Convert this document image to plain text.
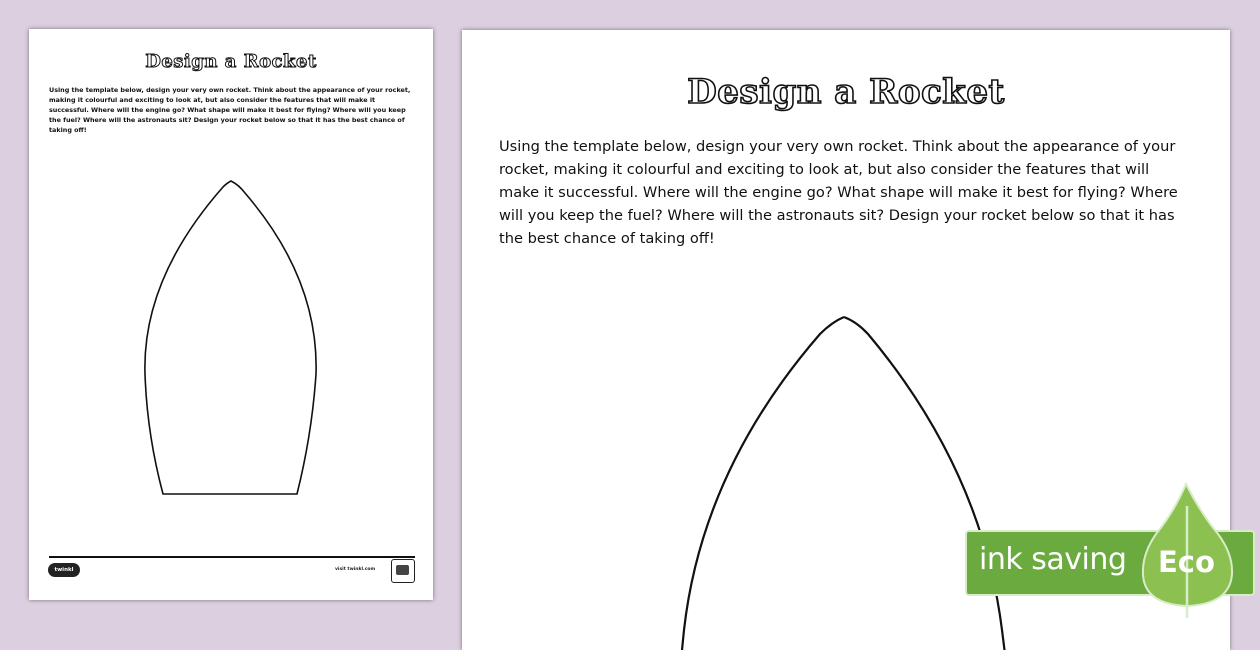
Design a Rocket
Using the template below, design your very own rocket. Think about the appearance of your rocket, making it colourful and exciting to look at, but also consider the features that will make it successful. Where will the engine go? What shape will make it best for flying? Where will you keep the fuel? Where will the astronauts sit? Design your rocket below so that it has the best chance of taking off!
twinkl	visit twinkl.com
Design a Rocket
Using the template below, design your very own rocket. Think about the appearance of your rocket, making it colourful and exciting to look at, but also consider the features that will make it successful. Where will the engine go? What shape will make it best for flying? Where will you keep the fuel? Where will the astronauts sit? Design your rocket below so that it has the best chance of taking off!
ink saving Eco
